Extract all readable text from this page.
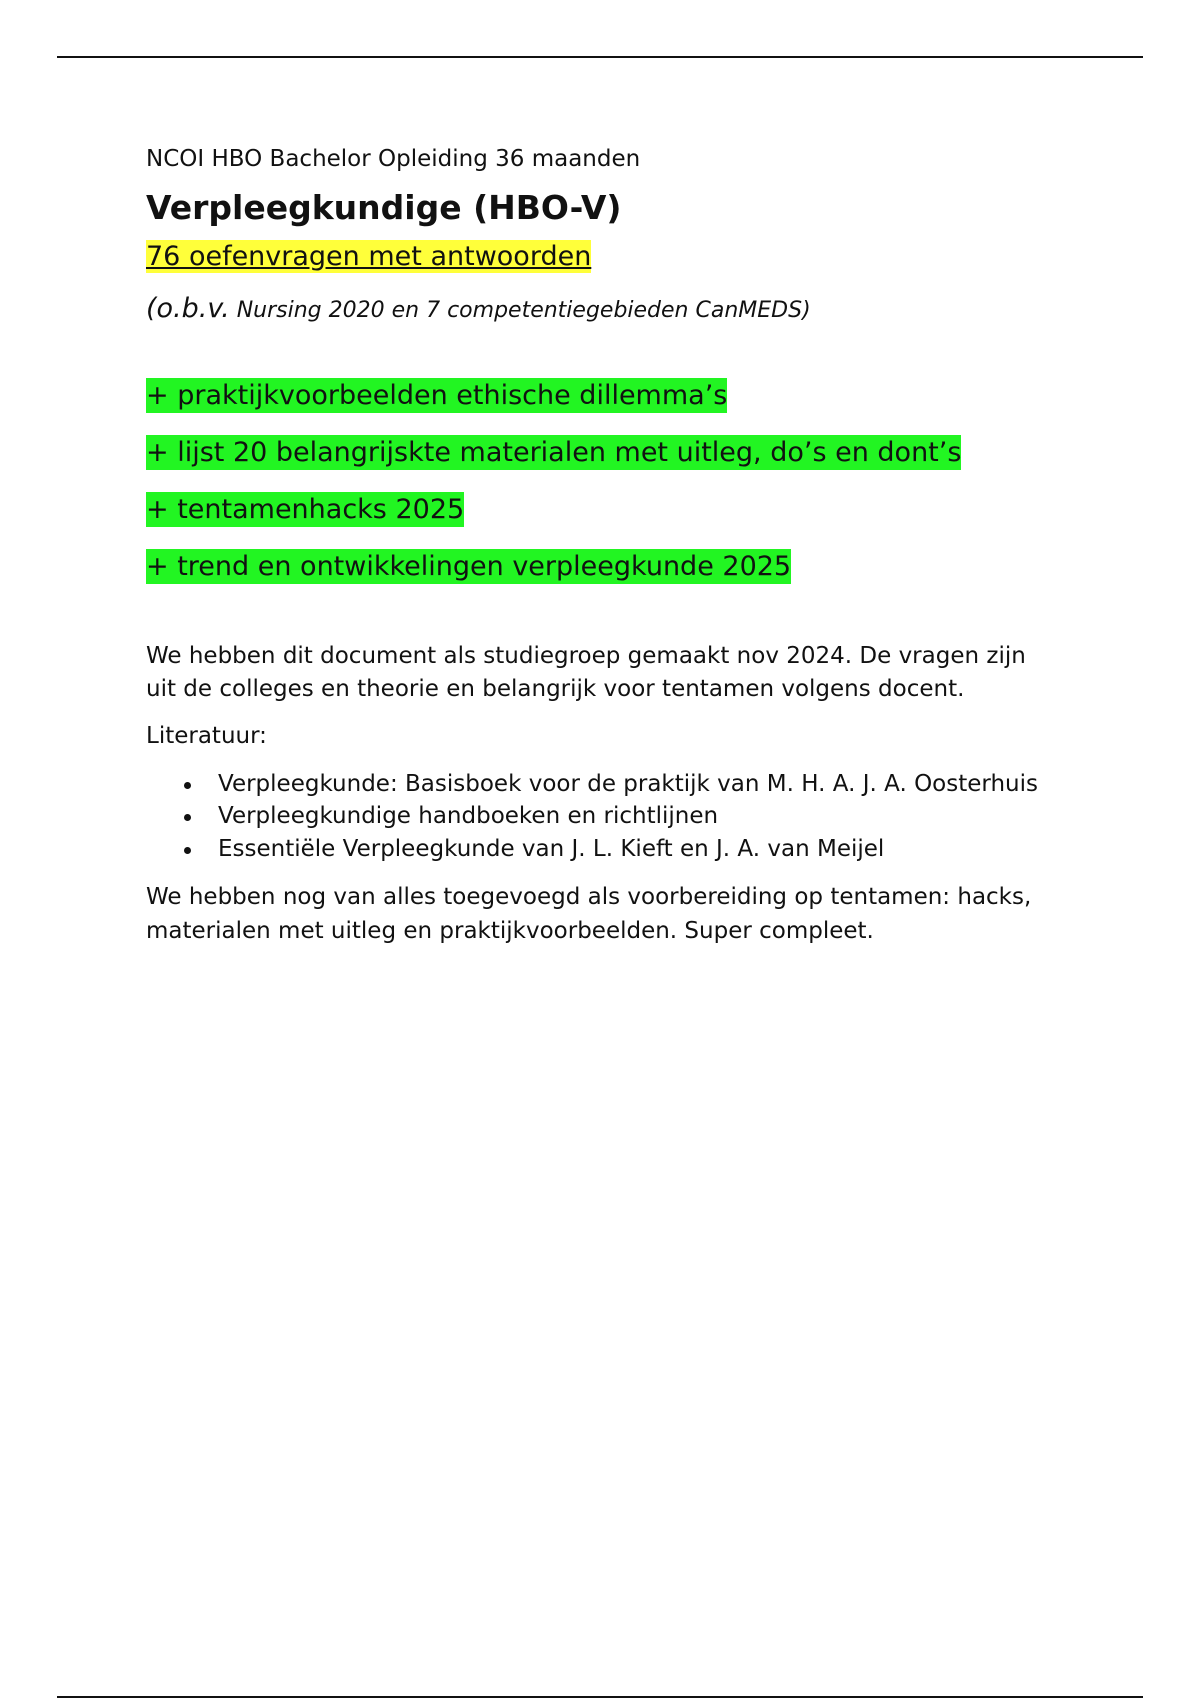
NCOI HBO Bachelor Opleiding 36 maanden

Verpleegkundige (HBO-V)

76 oefenvragen met antwoorden

(o.b.v. Nursing 2020 en 7 competentiegebieden CanMEDS)

+ praktijkvoorbeelden ethische dillemma’s

+ lijst 20 belangrijskte materialen met uitleg, do’s en dont’s

+ tentamenhacks 2025

+ trend en ontwikkelingen verpleegkunde 2025

We hebben dit document als studiegroep gemaakt nov 2024. De vragen zijn uit de colleges en theorie en belangrijk voor tentamen volgens docent.

Literatuur:

Verpleegkunde: Basisboek voor de praktijk van M. H. A. J. A. Oosterhuis
Verpleegkundige handboeken en richtlijnen
Essentiële Verpleegkunde van J. L. Kieft en J. A. van Meijel

We hebben nog van alles toegevoegd als voorbereiding op tentamen: hacks, materialen met uitleg en praktijkvoorbeelden. Super compleet.
